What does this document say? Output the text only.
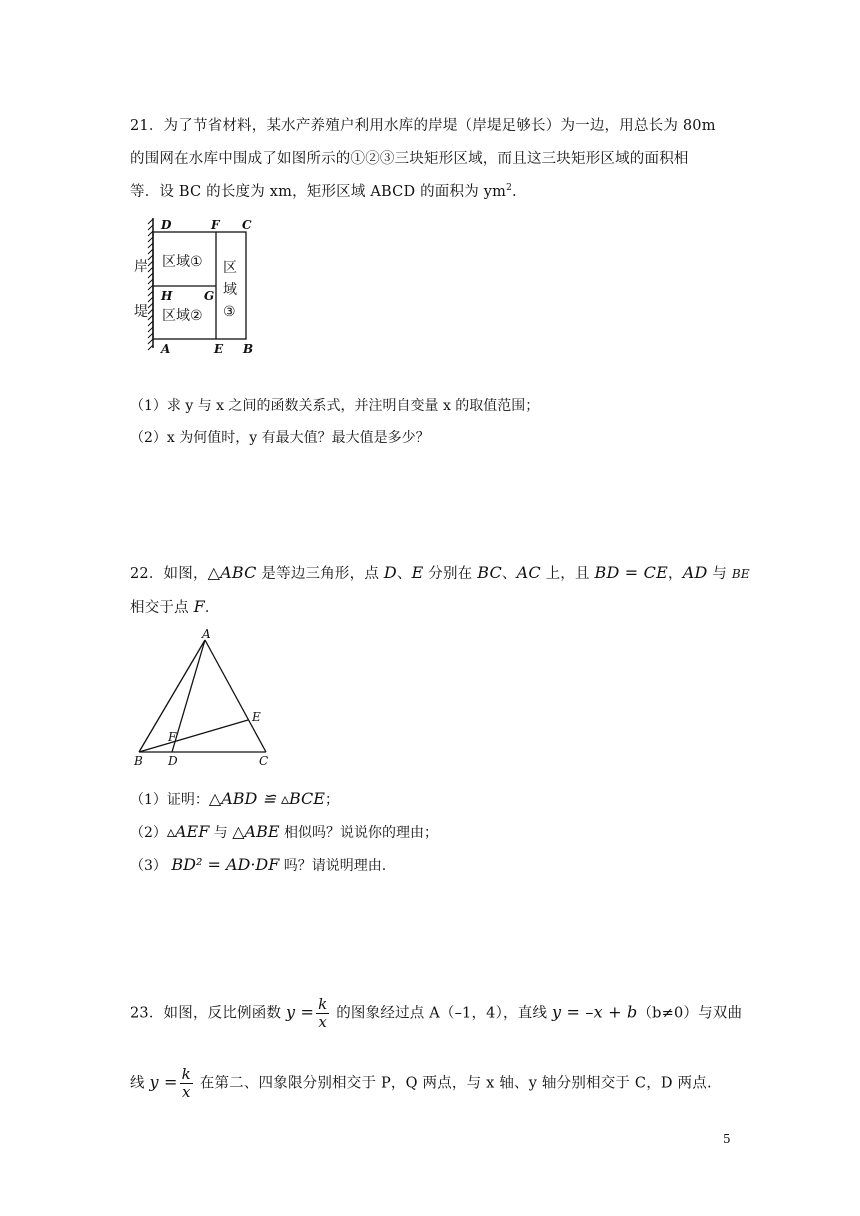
21．为了节省材料，某水产养殖户利用水库的岸堤（岸堤足够长）为一边，用总长为 80m
的围网在水库中围成了如图所示的①②③三块矩形区域，而且这三块矩形区域的面积相
等．设 BC 的长度为 xm，矩形区域 ABCD 的面积为 $ym^2$.
D	F C
H	G
A	E B
岸
堤
区域①
区域②
区
域
③
（1）求 y 与 x 之间的函数关系式，并注明自变量 x 的取值范围；
（2）x 为何值时，y 有最大值？最大值是多少？
22．如图，△ABC 是等边三角形，点 D、E 分别在 BC、AC 上，且 BD = CE，AD 与 BE
相交于点 F．
A
B	C
D
E
F
（1）证明：△ABD ≌ ▵BCE；
（2）▵AEF 与 △ABE 相似吗？说说你的理由；
（3） BD² = AD·DF 吗？请说明理由.
23．如图，反比例函数 $y = \frac{k}{x}$ 的图象经过点 A（–1，4），直线 y = –x + b（b≠0）与双曲
线 $y = \frac{k}{x}$ 在第二、四象限分别相交于 P，Q 两点，与 x 轴、y 轴分别相交于 C，D 两点.
5
